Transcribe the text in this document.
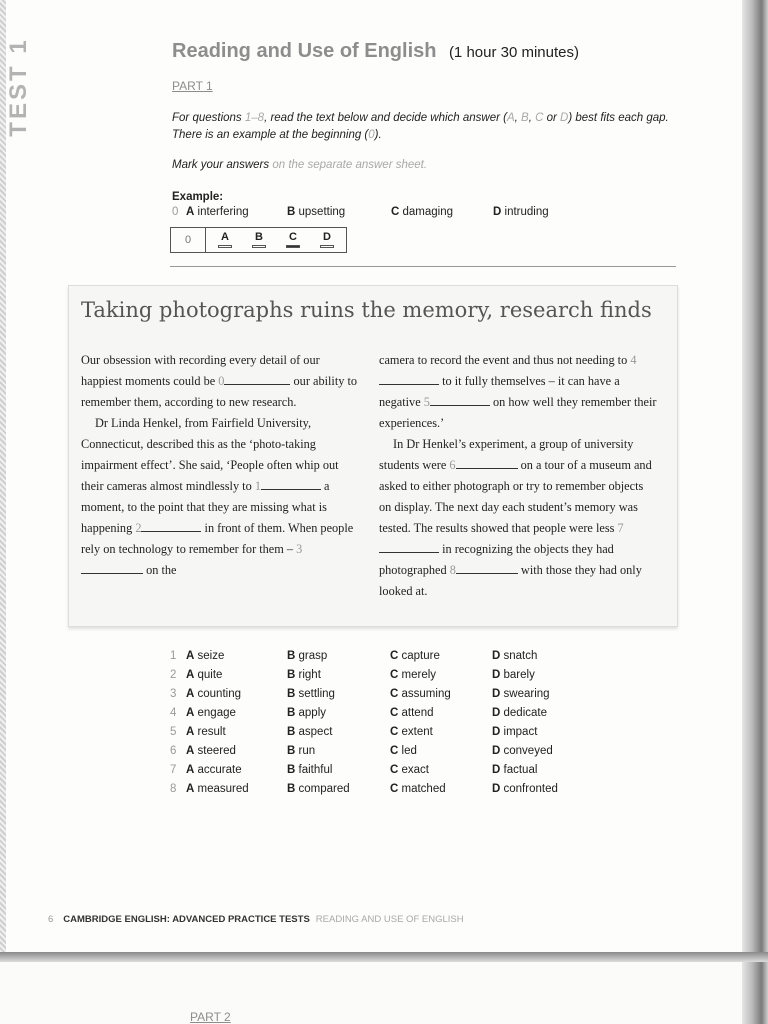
TEST 1	Reading and Use of English (1 hour 30 minutes)
PART 1
For questions 1–8, read the text below and decide which answer (A, B, C or D) best fits each gap. There is an example at the beginning (0).
Mark your answers on the separate answer sheet.
Example:
0 A interfering	B upsetting	C damaging	D intruding
0	A	B	C	D
Taking photographs ruins the memory, research finds

Our obsession with recording every detail of our happiest moments could be 0	our ability to remember them, according to new research.

Dr Linda Henkel, from Fairfield University, Connecticut, described this as the ‘photo-taking impairment effect’. She said, ‘People often whip out their cameras almost mindlessly to 1	a moment, to the point that they are missing what is happening 2	in front of them. When people rely on technology to remember for them – 3 on the

camera to record the event and thus not needing to 4 to it fully themselves – it can have a negative 5	on how well they remember their experiences.’

In Dr Henkel’s experiment, a group of university students were 6	on a tour of a museum and asked to either photograph or try to remember objects on display. The next day each student’s memory was tested. The results showed that people were less 7 in recognizing the objects they had photographed 8	with those they had only looked at.

1 A seize	B grasp	C capture	D snatch
2 A quite	B right	C merely	D barely
3 A counting	B settling	C assuming	D swearing
4 A engage	B apply	C attend	D dedicate
5 A result	B aspect	C extent	D impact
6 A steered	B run	C led	D conveyed
7 A accurate	B faithful	C exact	D factual
8 A measured	B compared	C matched	D confronted
6 CAMBRIDGE ENGLISH: ADVANCED PRACTICE TESTS READING AND USE OF ENGLISH
PART 2
